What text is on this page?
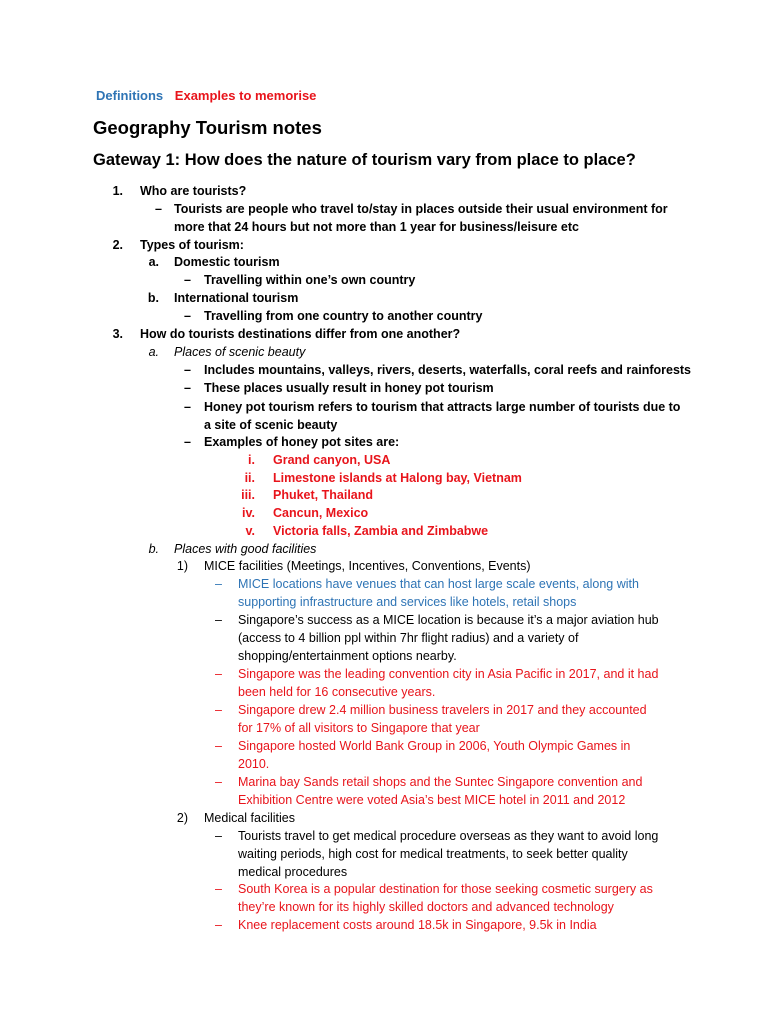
Definitions Examples to memorise
Geography Tourism notes
Gateway 1: How does the nature of tourism vary from place to place?
1. Who are tourists?
– Tourists are people who travel to/stay in places outside their usual environment for
more that 24 hours but not more than 1 year for business/leisure etc
2. Types of tourism:
a. Domestic tourism
– Travelling within one’s own country
b. International tourism
– Travelling from one country to another country
3. How do tourists destinations differ from one another?
a. Places of scenic beauty
– Includes mountains, valleys, rivers, deserts, waterfalls, coral reefs and rainforests
– These places usually result in honey pot tourism
– Honey pot tourism refers to tourism that attracts large number of tourists due to
a site of scenic beauty
– Examples of honey pot sites are:
i. Grand canyon, USA
ii. Limestone islands at Halong bay, Vietnam
iii. Phuket, Thailand
iv. Cancun, Mexico
v. Victoria falls, Zambia and Zimbabwe
b. Places with good facilities
1) MICE facilities (Meetings, Incentives, Conventions, Events)
– MICE locations have venues that can host large scale events, along with
supporting infrastructure and services like hotels, retail shops
– Singapore’s success as a MICE location is because it’s a major aviation hub
(access to 4 billion ppl within 7hr flight radius) and a variety of
shopping/entertainment options nearby.
– Singapore was the leading convention city in Asia Pacific in 2017, and it had
been held for 16 consecutive years.
– Singapore drew 2.4 million business travelers in 2017 and they accounted
for 17% of all visitors to Singapore that year
– Singapore hosted World Bank Group in 2006, Youth Olympic Games in
2010.
– Marina bay Sands retail shops and the Suntec Singapore convention and
Exhibition Centre were voted Asia’s best MICE hotel in 2011 and 2012
2) Medical facilities
– Tourists travel to get medical procedure overseas as they want to avoid long
waiting periods, high cost for medical treatments, to seek better quality
medical procedures
– South Korea is a popular destination for those seeking cosmetic surgery as
they’re known for its highly skilled doctors and advanced technology
– Knee replacement costs around 18.5k in Singapore, 9.5k in India
